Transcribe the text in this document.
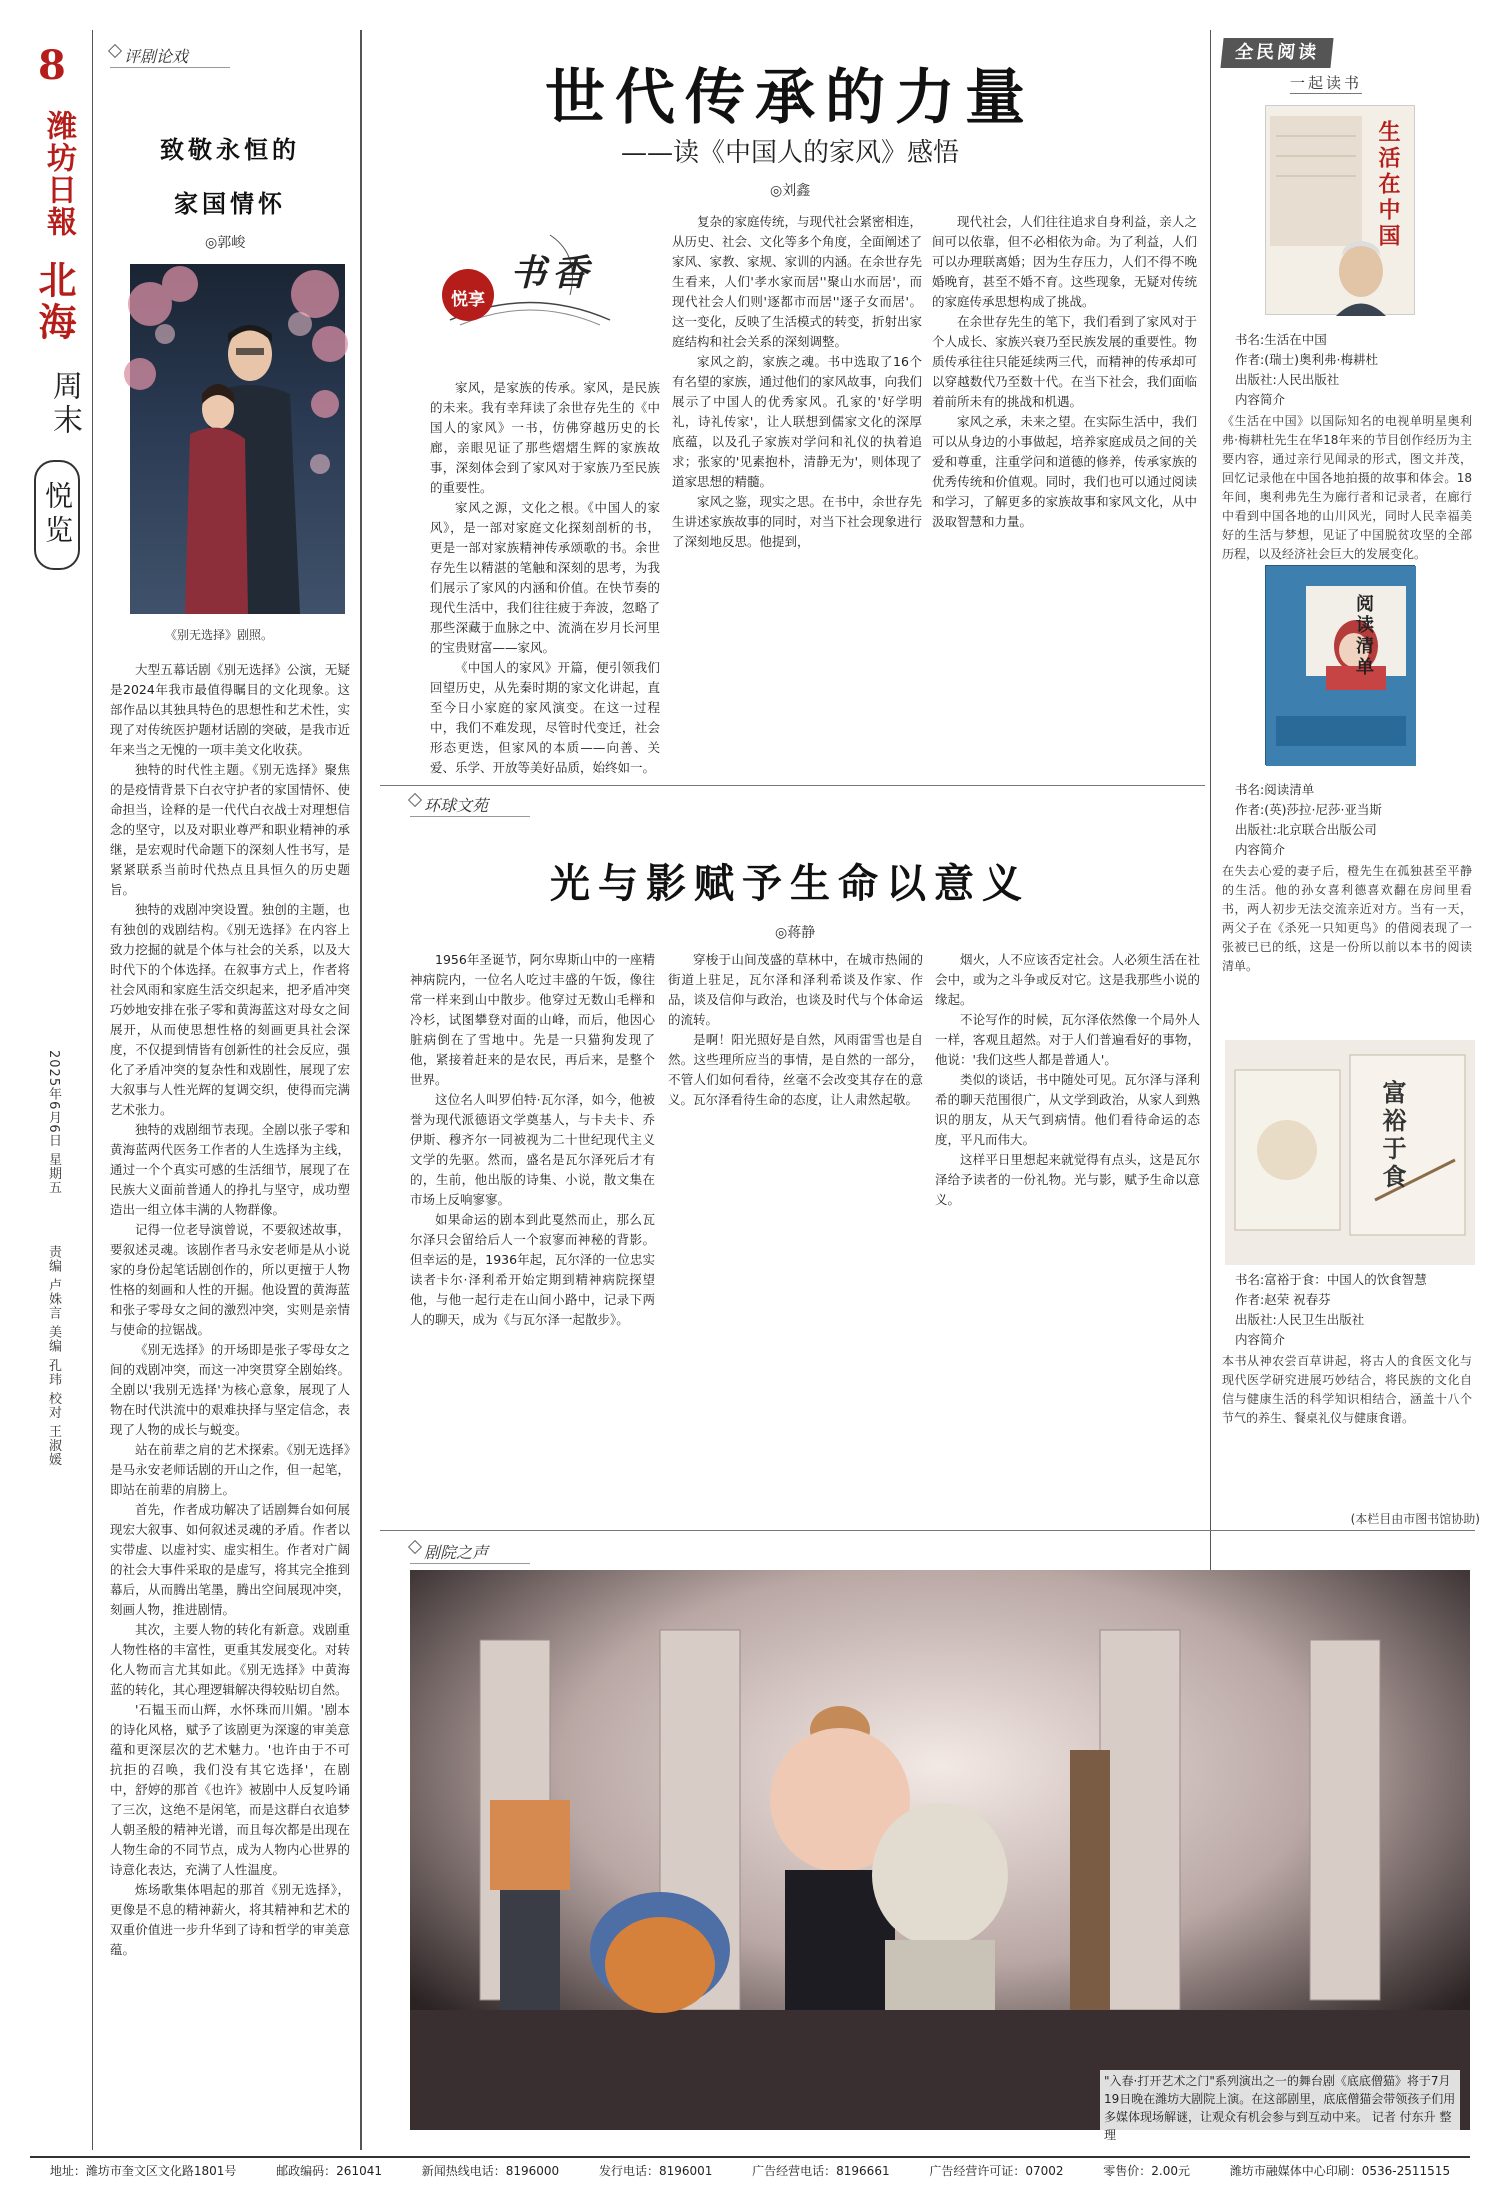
8
潍坊日報
北海
周末
悦览
2025年6月6日 星期五
责编 卢姝言 美编 孔玮 校对 王淑媛
评剧论戏
致敬永恒的
家国情怀
◎郭峻
《别无选择》剧照。

大型五幕话剧《别无选择》公演，无疑是2024年我市最值得瞩目的文化现象。这部作品以其独具特色的思想性和艺术性，实现了对传统医护题材话剧的突破，是我市近年来当之无愧的一项丰美文化收获。

独特的时代性主题。《别无选择》聚焦的是疫情背景下白衣守护者的家国情怀、使命担当，诠释的是一代代白衣战士对理想信念的坚守，以及对职业尊严和职业精神的承继，是宏观时代命题下的深刻人性书写，是紧紧联系当前时代热点且具恒久的历史题旨。

独特的戏剧冲突设置。独创的主题，也有独创的戏剧结构。《别无选择》在内容上致力挖掘的就是个体与社会的关系，以及大时代下的个体选择。在叙事方式上，作者将社会风雨和家庭生活交织起来，把矛盾冲突巧妙地安排在张子零和黄海蓝这对母女之间展开，从而使思想性格的刻画更具社会深度，不仅提到情皆有创新性的社会反应，强化了矛盾冲突的复杂性和戏剧性，展现了宏大叙事与人性光辉的复调交织，使得而完满艺术张力。

独特的戏剧细节表现。全剧以张子零和黄海蓝两代医务工作者的人生选择为主线，通过一个个真实可感的生活细节，展现了在民族大义面前普通人的挣扎与坚守，成功塑造出一组立体丰满的人物群像。

记得一位老导演曾说，不要叙述故事，要叙述灵魂。该剧作者马永安老师是从小说家的身份起笔话剧创作的，所以更擅于人物性格的刻画和人性的开掘。他设置的黄海蓝和张子零母女之间的激烈冲突，实则是亲情与使命的拉锯战。

《别无选择》的开场即是张子零母女之间的戏剧冲突，而这一冲突贯穿全剧始终。全剧以'我别无选择'为核心意象，展现了人物在时代洪流中的艰难抉择与坚定信念，表现了人物的成长与蜕变。

站在前辈之肩的艺术探索。《别无选择》是马永安老师话剧的开山之作，但一起笔，即站在前辈的肩膀上。

首先，作者成功解决了话剧舞台如何展现宏大叙事、如何叙述灵魂的矛盾。作者以实带虚、以虚衬实、虚实相生。作者对广阔的社会大事件采取的是虚写，将其完全推到幕后，从而腾出笔墨，腾出空间展现冲突，刻画人物，推进剧情。

其次，主要人物的转化有新意。戏剧重人物性格的丰富性，更重其发展变化。对转化人物而言尤其如此。《别无选择》中黄海蓝的转化，其心理逻辑解决得较贴切自然。

'石韫玉而山辉，水怀珠而川媚。'剧本的诗化风格，赋予了该剧更为深邃的审美意蕴和更深层次的艺术魅力。'也许由于不可抗拒的召唤，我们没有其它选择'，在剧中，舒婷的那首《也许》被剧中人反复吟诵了三次，这绝不是闲笔，而是这群白衣追梦人朝圣般的精神光谱，而且每次都是出现在人物生命的不同节点，成为人物内心世界的诗意化表达，充满了人性温度。

炼场歌集体唱起的那首《别无选择》，更像是不息的精神薪火，将其精神和艺术的双重价值进一步升华到了诗和哲学的审美意蕴。

世代传承的力量
——读《中国人的家风》感悟
◎刘鑫
悦享
书香

家风，是家族的传承。家风，是民族的未来。我有幸拜读了余世存先生的《中国人的家风》一书，仿佛穿越历史的长廊，亲眼见证了那些熠熠生辉的家族故事，深刻体会到了家风对于家族乃至民族的重要性。

家风之源，文化之根。《中国人的家风》，是一部对家庭文化探刻剖析的书，更是一部对家族精神传承颂歌的书。余世存先生以精湛的笔触和深刻的思考，为我们展示了家风的内涵和价值。在快节奏的现代生活中，我们往往疲于奔波，忽略了那些深藏于血脉之中、流淌在岁月长河里的宝贵财富——家风。

《中国人的家风》开篇，便引领我们回望历史，从先秦时期的家文化讲起，直至今日小家庭的家风演变。在这一过程中，我们不难发现，尽管时代变迁，社会形态更迭，但家风的本质——向善、关爱、乐学、开放等美好品质，始终如一。

复杂的家庭传统，与现代社会紧密相连，从历史、社会、文化等多个角度，全面阐述了家风、家教、家规、家训的内涵。在余世存先生看来，人们'孝水家而居''聚山水而居'，而现代社会人们则'逐都市而居''逐子女而居'。这一变化，反映了生活模式的转变，折射出家庭结构和社会关系的深刻调整。

家风之韵，家族之魂。书中选取了16个有名望的家族，通过他们的家风故事，向我们展示了中国人的优秀家风。孔家的'好学明礼，诗礼传家'，让人联想到儒家文化的深厚底蕴，以及孔子家族对学问和礼仪的执着追求；张家的'见素抱朴，清静无为'，则体现了道家思想的精髓。

家风之鉴，现实之思。在书中，余世存先生讲述家族故事的同时，对当下社会现象进行了深刻地反思。他提到，

现代社会，人们往往追求自身利益，亲人之间可以依靠，但不必相依为命。为了利益，人们可以办理联离婚；因为生存压力，人们不得不晚婚晚育，甚至不婚不育。这些现象，无疑对传统的家庭传承思想构成了挑战。

在余世存先生的笔下，我们看到了家风对于个人成长、家族兴衰乃至民族发展的重要性。物质传承往往只能延续两三代，而精神的传承却可以穿越数代乃至数十代。在当下社会，我们面临着前所未有的挑战和机遇。

家风之承，未来之望。在实际生活中，我们可以从身边的小事做起，培养家庭成员之间的关爱和尊重，注重学问和道德的修养，传承家族的优秀传统和价值观。同时，我们也可以通过阅读和学习，了解更多的家族故事和家风文化，从中汲取智慧和力量。

环球文苑
光与影赋予生命以意义
◎蒋静

1956年圣诞节，阿尔卑斯山中的一座精神病院内，一位名人吃过丰盛的午饭，像往常一样来到山中散步。他穿过无数山毛榉和冷杉，试图攀登对面的山峰，而后，他因心脏病倒在了雪地中。先是一只猫狗发现了他，紧接着赶来的是农民，再后来，是整个世界。

这位名人叫罗伯特·瓦尔泽，如今，他被誉为现代派德语文学奠基人，与卡夫卡、乔伊斯、穆齐尔一同被视为二十世纪现代主义文学的先驱。然而，盛名是瓦尔泽死后才有的，生前，他出版的诗集、小说，散文集在市场上反响寥寥。

如果命运的剧本到此戛然而止，那么瓦尔泽只会留给后人一个寂寥而神秘的背影。但幸运的是，1936年起，瓦尔泽的一位忠实读者卡尔·泽利希开始定期到精神病院探望他，与他一起行走在山间小路中，记录下两人的聊天，成为《与瓦尔泽一起散步》。

穿梭于山间茂盛的草林中，在城市热闹的街道上驻足，瓦尔泽和泽利希谈及作家、作品，谈及信仰与政治，也谈及时代与个体命运的流转。

是啊！阳光照好是自然，风雨雷雪也是自然。这些理所应当的事情，是自然的一部分，不管人们如何看待，丝毫不会改变其存在的意义。瓦尔泽看待生命的态度，让人肃然起敬。

烟火，人不应该否定社会。人必须生活在社会中，或为之斗争或反对它。这是我那些小说的缘起。

不论写作的时候，瓦尔泽依然像一个局外人一样，客观且超然。对于人们普遍看好的事物，他说：'我们这些人都是普通人'。

类似的谈话，书中随处可见。瓦尔泽与泽利希的聊天范围很广，从文学到政治，从家人到熟识的朋友，从天气到病情。他们看待命运的态度，平凡而伟大。

这样平日里想起来就觉得有点头，这是瓦尔泽给予读者的一份礼物。光与影，赋予生命以意义。

全民阅读
一起读书
生活在中国
书名:生活在中国
作者:(瑞士)奥利弗·梅耕杜
出版社:人民出版社
内容简介
《生活在中国》以国际知名的电视单明星奥利弗·梅耕杜先生在华18年来的节目创作经历为主要内容，通过亲行见闻录的形式，图文并茂，回忆记录他在中国各地拍摄的故事和体会。18年间，奥利弗先生为廊行者和记录者，在廊行中看到中国各地的山川风光，同时人民幸福美好的生活与梦想，见证了中国脱贫攻坚的全部历程，以及经济社会巨大的发展变化。
阅读清单
书名:阅读清单
作者:(英)莎拉·尼莎·亚当斯
出版社:北京联合出版公司
内容简介
在失去心爱的妻子后，橙先生在孤独甚至平静的生活。他的孙女喜利德喜欢翻在房间里看书，两人初步无法交流亲近对方。当有一天，两父子在《杀死一只知更鸟》的借阅表现了一张被已已的纸，这是一份所以前以本书的阅读清单。
富裕于食
书名:富裕于食：中国人的饮食智慧
作者:赵荣 祝春芬
出版社:人民卫生出版社
内容简介
本书从神农尝百草讲起，将古人的食医文化与现代医学研究进展巧妙结合，将民族的文化自信与健康生活的科学知识相结合，涵盖十八个节气的养生、餐桌礼仪与健康食谱。
(本栏目由市图书馆协助)
剧院之声
"入春·打开艺术之门"系列演出之一的舞台剧《底底僧猫》将于7月19日晚在潍坊大剧院上演。在这部剧里，底底僧猫会带领孩子们用多媒体现场解谜，让观众有机会参与到互动中来。 记者 付东升 整理
地址：潍坊市奎文区文化路1801号	邮政编码：261041	新闻热线电话：8196000	发行电话：8196001	广告经营电话：8196661	广告经营许可证：07002	零售价：2.00元	潍坊市融媒体中心印刷：0536-2511515
